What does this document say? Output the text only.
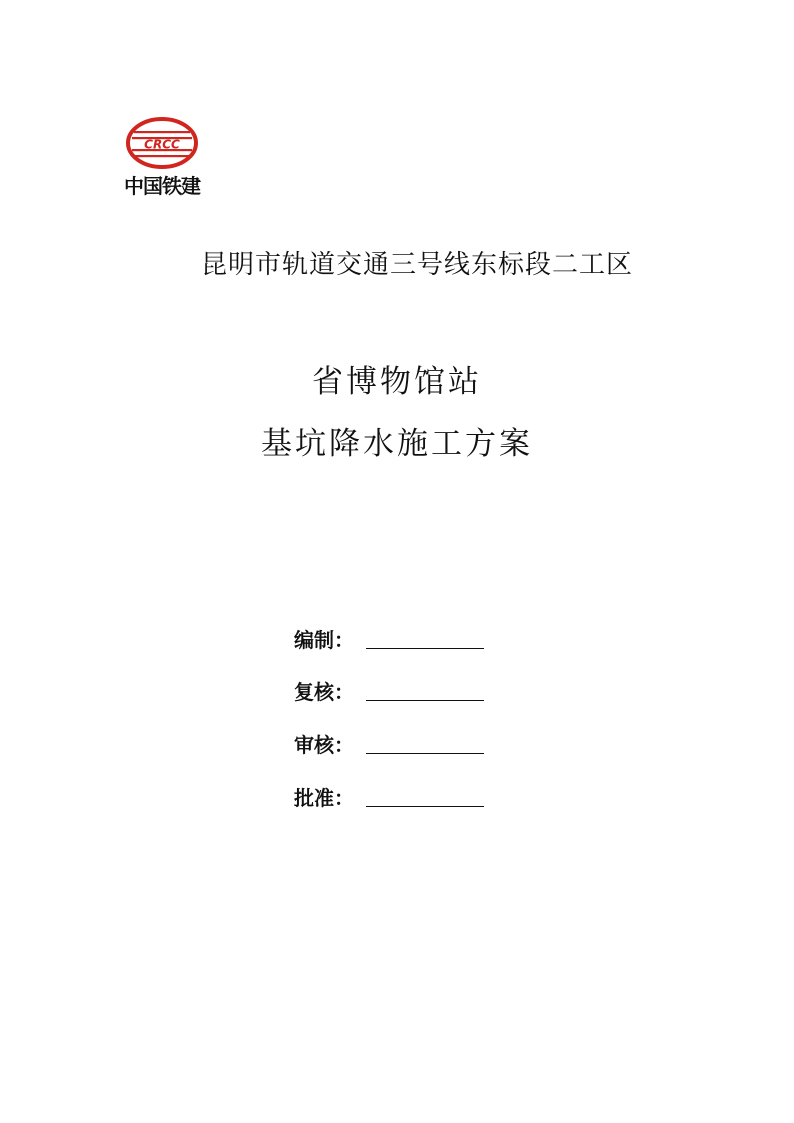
CRCC
中国铁建
昆明市轨道交通三号线东标段二工区
省博物馆站
基坑降水施工方案
编制：
复核：
审核：
批准：
